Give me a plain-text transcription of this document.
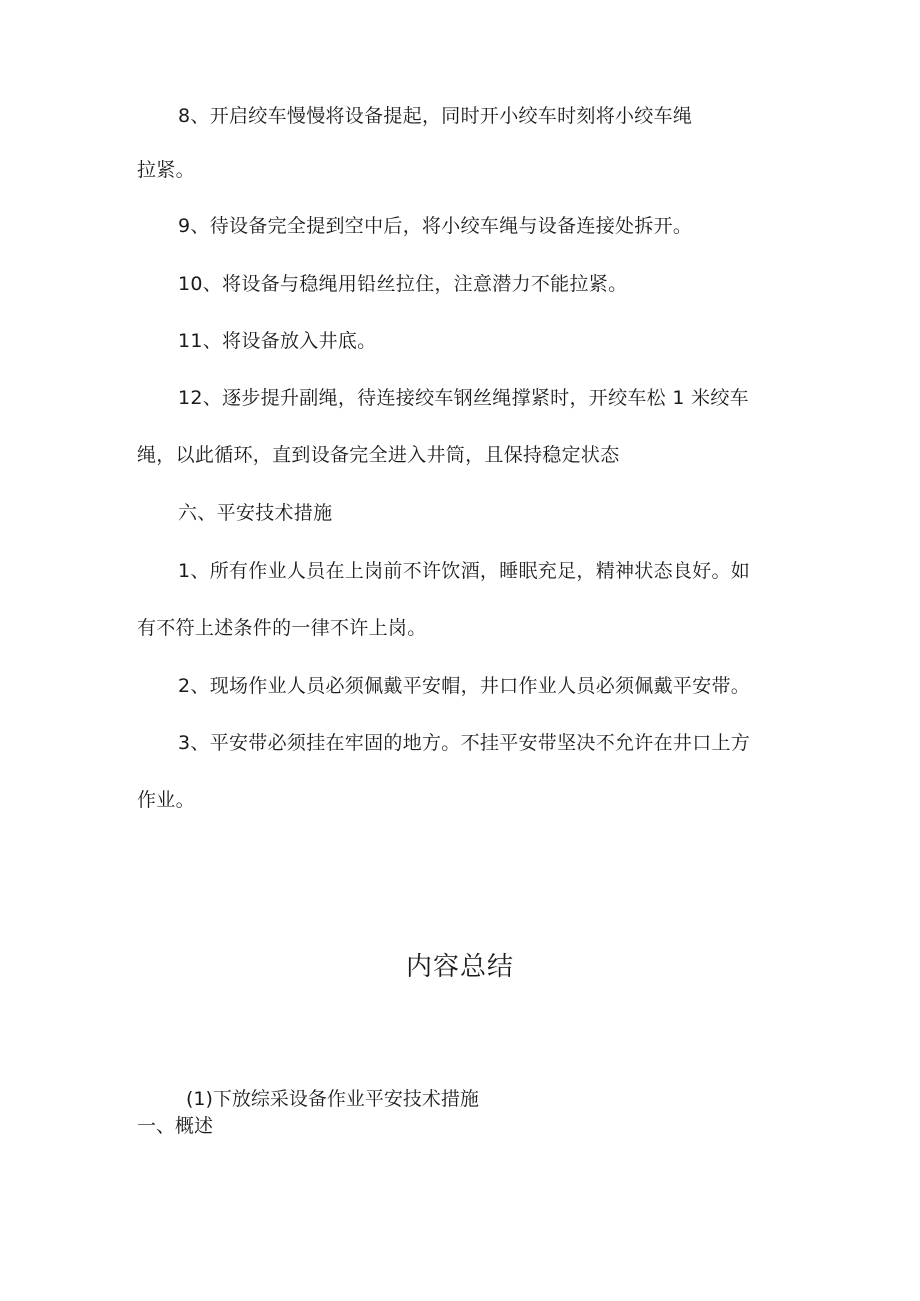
8、开启绞车慢慢将设备提起，同时开小绞车时刻将小绞车绳
拉紧。
9、待设备完全提到空中后，将小绞车绳与设备连接处拆开。
10、将设备与稳绳用铅丝拉住，注意潜力不能拉紧。
11、将设备放入井底。
12、逐步提升副绳，待连接绞车钢丝绳撑紧时，开绞车松 1 米绞车
绳，以此循环，直到设备完全进入井筒，且保持稳定状态
六、平安技术措施
1、所有作业人员在上岗前不许饮酒，睡眠充足，精神状态良好。如
有不符上述条件的一律不许上岗。
2、现场作业人员必须佩戴平安帽，井口作业人员必须佩戴平安带。
3、平安带必须挂在牢固的地方。不挂平安带坚决不允许在井口上方
作业。
内容总结
(1)下放综采设备作业平安技术措施
一、概述
